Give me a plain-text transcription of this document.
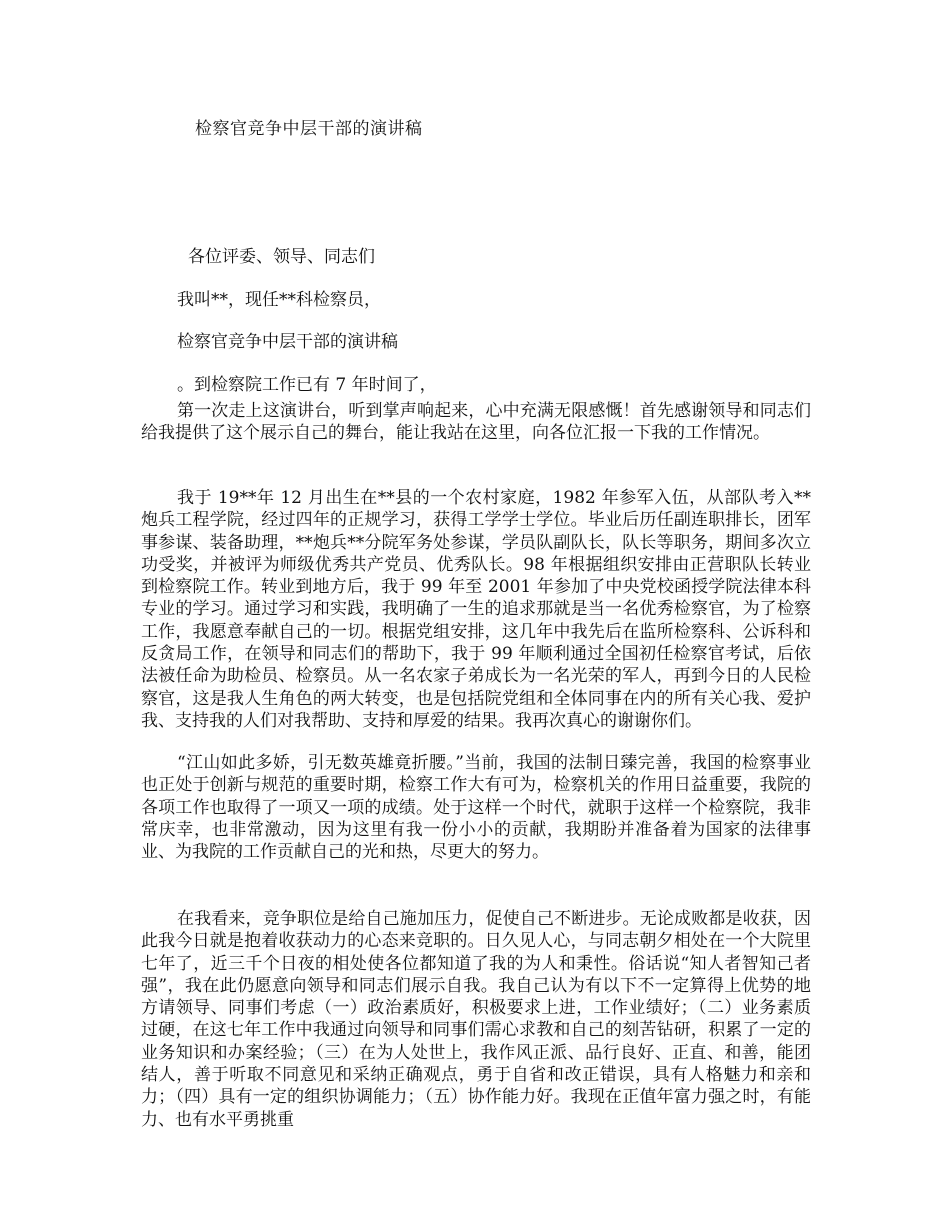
检察官竞争中层干部的演讲稿
各位评委、领导、同志们
我叫**，现任**科检察员，
检察官竞争中层干部的演讲稿
。到检察院工作已有 7 年时间了，

第一次走上这演讲台，听到掌声响起来，心中充满无限感慨！首先感谢领导和同志们给我提供了这个展示自己的舞台，能让我站在这里，向各位汇报一下我的工作情况。

我于 19**年 12 月出生在**县的一个农村家庭，1982 年参军入伍，从部队考入**炮兵工程学院，经过四年的正规学习，获得工学学士学位。毕业后历任副连职排长，团军事参谋、装备助理，**炮兵**分院军务处参谋，学员队副队长，队长等职务，期间多次立功受奖，并被评为师级优秀共产党员、优秀队长。98 年根据组织安排由正营职队长转业到检察院工作。转业到地方后，我于 99 年至 2001 年参加了中央党校函授学院法律本科专业的学习。通过学习和实践，我明确了一生的追求那就是当一名优秀检察官，为了检察工作，我愿意奉献自己的一切。根据党组安排，这几年中我先后在监所检察科、公诉科和反贪局工作，在领导和同志们的帮助下，我于 99 年顺利通过全国初任检察官考试，后依法被任命为助检员、检察员。从一名农家子弟成长为一名光荣的军人，再到今日的人民检察官，这是我人生角色的两大转变，也是包括院党组和全体同事在内的所有关心我、爱护我、支持我的人们对我帮助、支持和厚爱的结果。我再次真心的谢谢你们。

“江山如此多娇，引无数英雄竟折腰。”当前，我国的法制日臻完善，我国的检察事业也正处于创新与规范的重要时期，检察工作大有可为，检察机关的作用日益重要，我院的各项工作也取得了一项又一项的成绩。处于这样一个时代，就职于这样一个检察院，我非常庆幸，也非常激动，因为这里有我一份小小的贡献，我期盼并准备着为国家的法律事业、为我院的工作贡献自己的光和热，尽更大的努力。

在我看来，竞争职位是给自己施加压力，促使自己不断进步。无论成败都是收获，因此我今日就是抱着收获动力的心态来竞职的。日久见人心，与同志朝夕相处在一个大院里七年了，近三千个日夜的相处使各位都知道了我的为人和秉性。俗话说“知人者智知己者强”，我在此仍愿意向领导和同志们展示自我。我自己认为有以下不一定算得上优势的地方请领导、同事们考虑（一）政治素质好，积极要求上进，工作业绩好；（二）业务素质过硬，在这七年工作中我通过向领导和同事们需心求教和自己的刻苦钻研，积累了一定的业务知识和办案经验；（三）在为人处世上，我作风正派、品行良好、正直、和善，能团结人，善于听取不同意见和采纳正确观点，勇于自省和改正错误，具有人格魅力和亲和力；（四）具有一定的组织协调能力；（五）协作能力好。我现在正值年富力强之时，有能力、也有水平勇挑重
